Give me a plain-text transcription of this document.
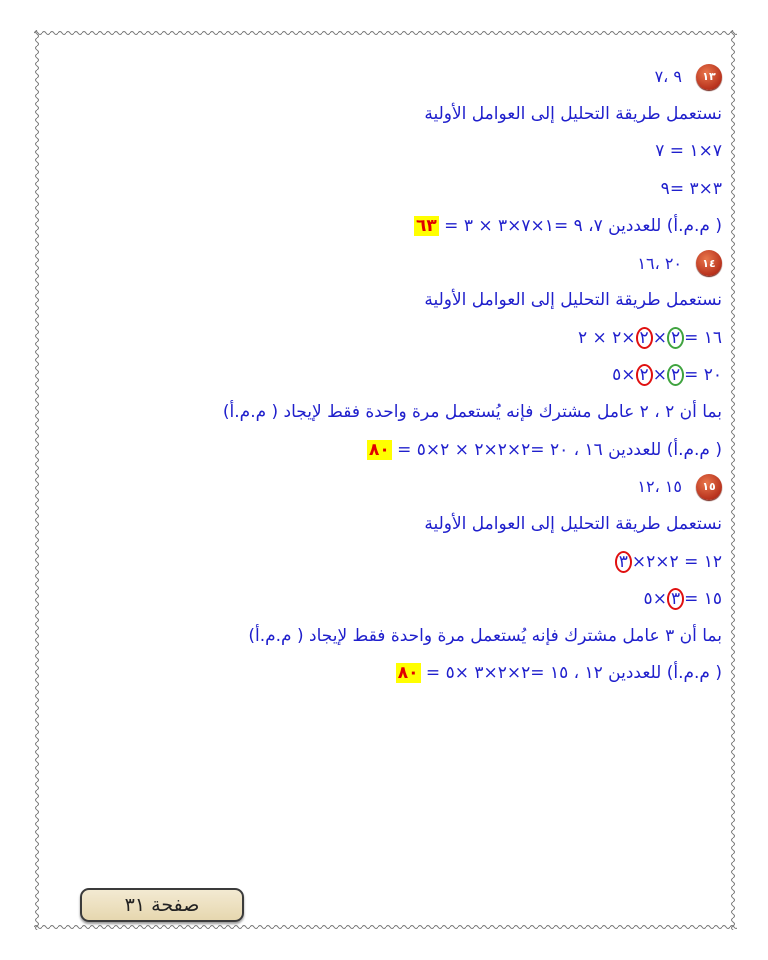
١٣
٩ ،٧
نستعمل طريقة التحليل إلى العوامل الأولية
٧×١ = ٧
٣×٣ =٩
( م.م.أ) للعددين ٧، ٩ =
١×٧×٣ × ٣
=
٦٣
١٤
٢٠ ،١٦
نستعمل طريقة التحليل إلى العوامل الأولية
١٦ =
٢
×
٢
×٢ × ٢
٢٠ =
٢
×
٢
×٥
بما أن ٢ ، ٢ عامل مشترك فإنه يُستعمل مرة واحدة فقط لإيجاد ( م.م.أ)
( م.م.أ) للعددين ١٦ ، ٢٠ =
٢×٢×٢ × ٢×٥
=
٨٠
١٥
١٥ ،١٢
نستعمل طريقة التحليل إلى العوامل الأولية
١٢ = ٢×٢×
٣
١٥ =
٣
×٥
بما أن ٣ عامل مشترك فإنه يُستعمل مرة واحدة فقط لإيجاد ( م.م.أ)
( م.م.أ) للعددين ١٢ ، ١٥ =
٢×٢×٣ ×٥
=
٨٠
صفحة ٣١
